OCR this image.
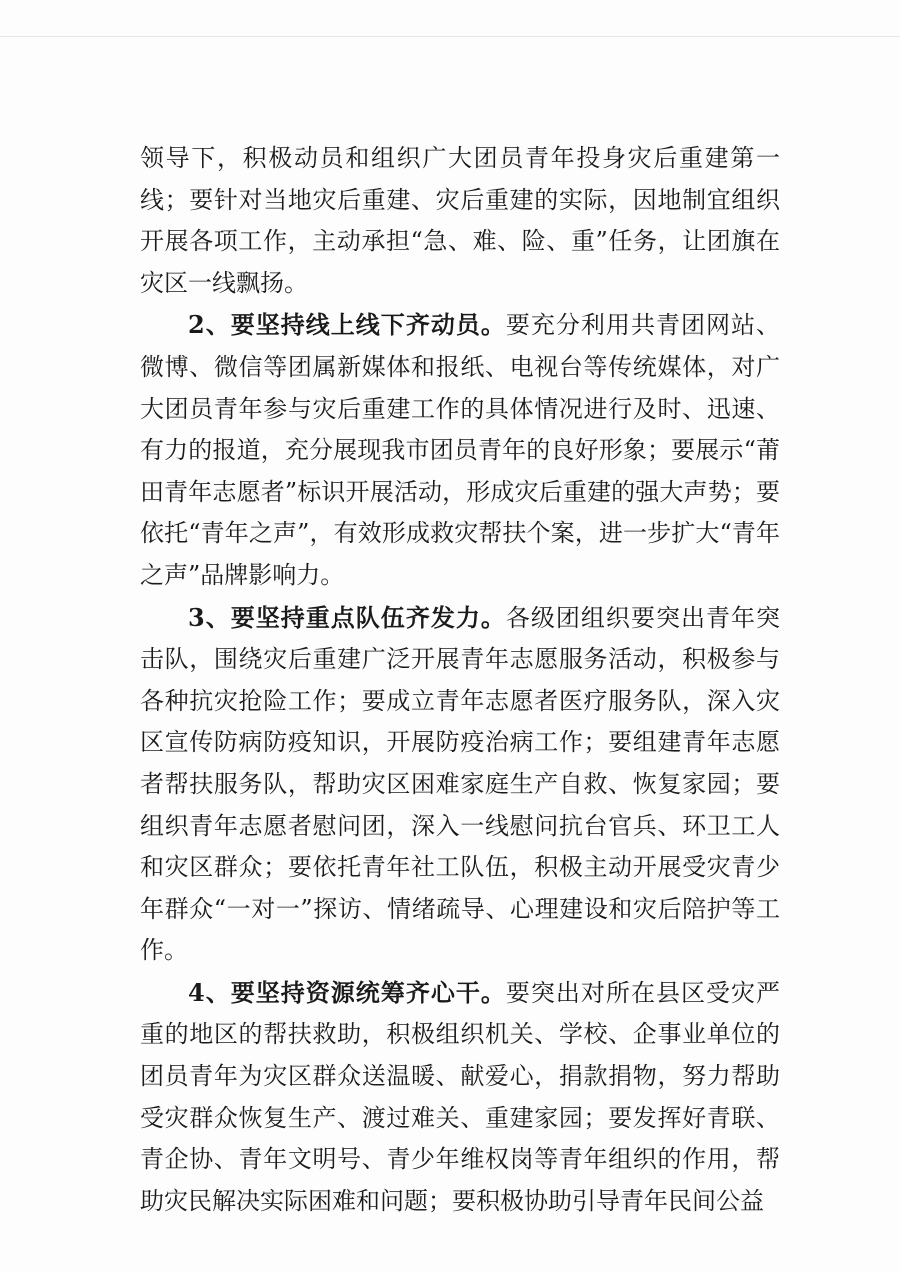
领导下，积极动员和组织广大团员青年投身灾后重建第一线；要针对当地灾后重建、灾后重建的实际，因地制宜组织开展各项工作，主动承担“急、难、险、重”任务，让团旗在灾区一线飘扬。

2、要坚持线上线下齐动员。要充分利用共青团网站、微博、微信等团属新媒体和报纸、电视台等传统媒体，对广大团员青年参与灾后重建工作的具体情况进行及时、迅速、有力的报道，充分展现我市团员青年的良好形象；要展示“莆田青年志愿者”标识开展活动，形成灾后重建的强大声势；要依托“青年之声”，有效形成救灾帮扶个案，进一步扩大“青年之声”品牌影响力。

3、要坚持重点队伍齐发力。各级团组织要突出青年突击队，围绕灾后重建广泛开展青年志愿服务活动，积极参与各种抗灾抢险工作；要成立青年志愿者医疗服务队，深入灾区宣传防病防疫知识，开展防疫治病工作；要组建青年志愿者帮扶服务队，帮助灾区困难家庭生产自救、恢复家园；要组织青年志愿者慰问团，深入一线慰问抗台官兵、环卫工人和灾区群众；要依托青年社工队伍，积极主动开展受灾青少年群众“一对一”探访、情绪疏导、心理建设和灾后陪护等工作。

4、要坚持资源统筹齐心干。要突出对所在县区受灾严重的地区的帮扶救助，积极组织机关、学校、企事业单位的团员青年为灾区群众送温暖、献爱心，捐款捐物，努力帮助受灾群众恢复生产、渡过难关、重建家园；要发挥好青联、青企协、青年文明号、青少年维权岗等青年组织的作用，帮助灾民解决实际困难和问题；要积极协助引导青年民间公益
